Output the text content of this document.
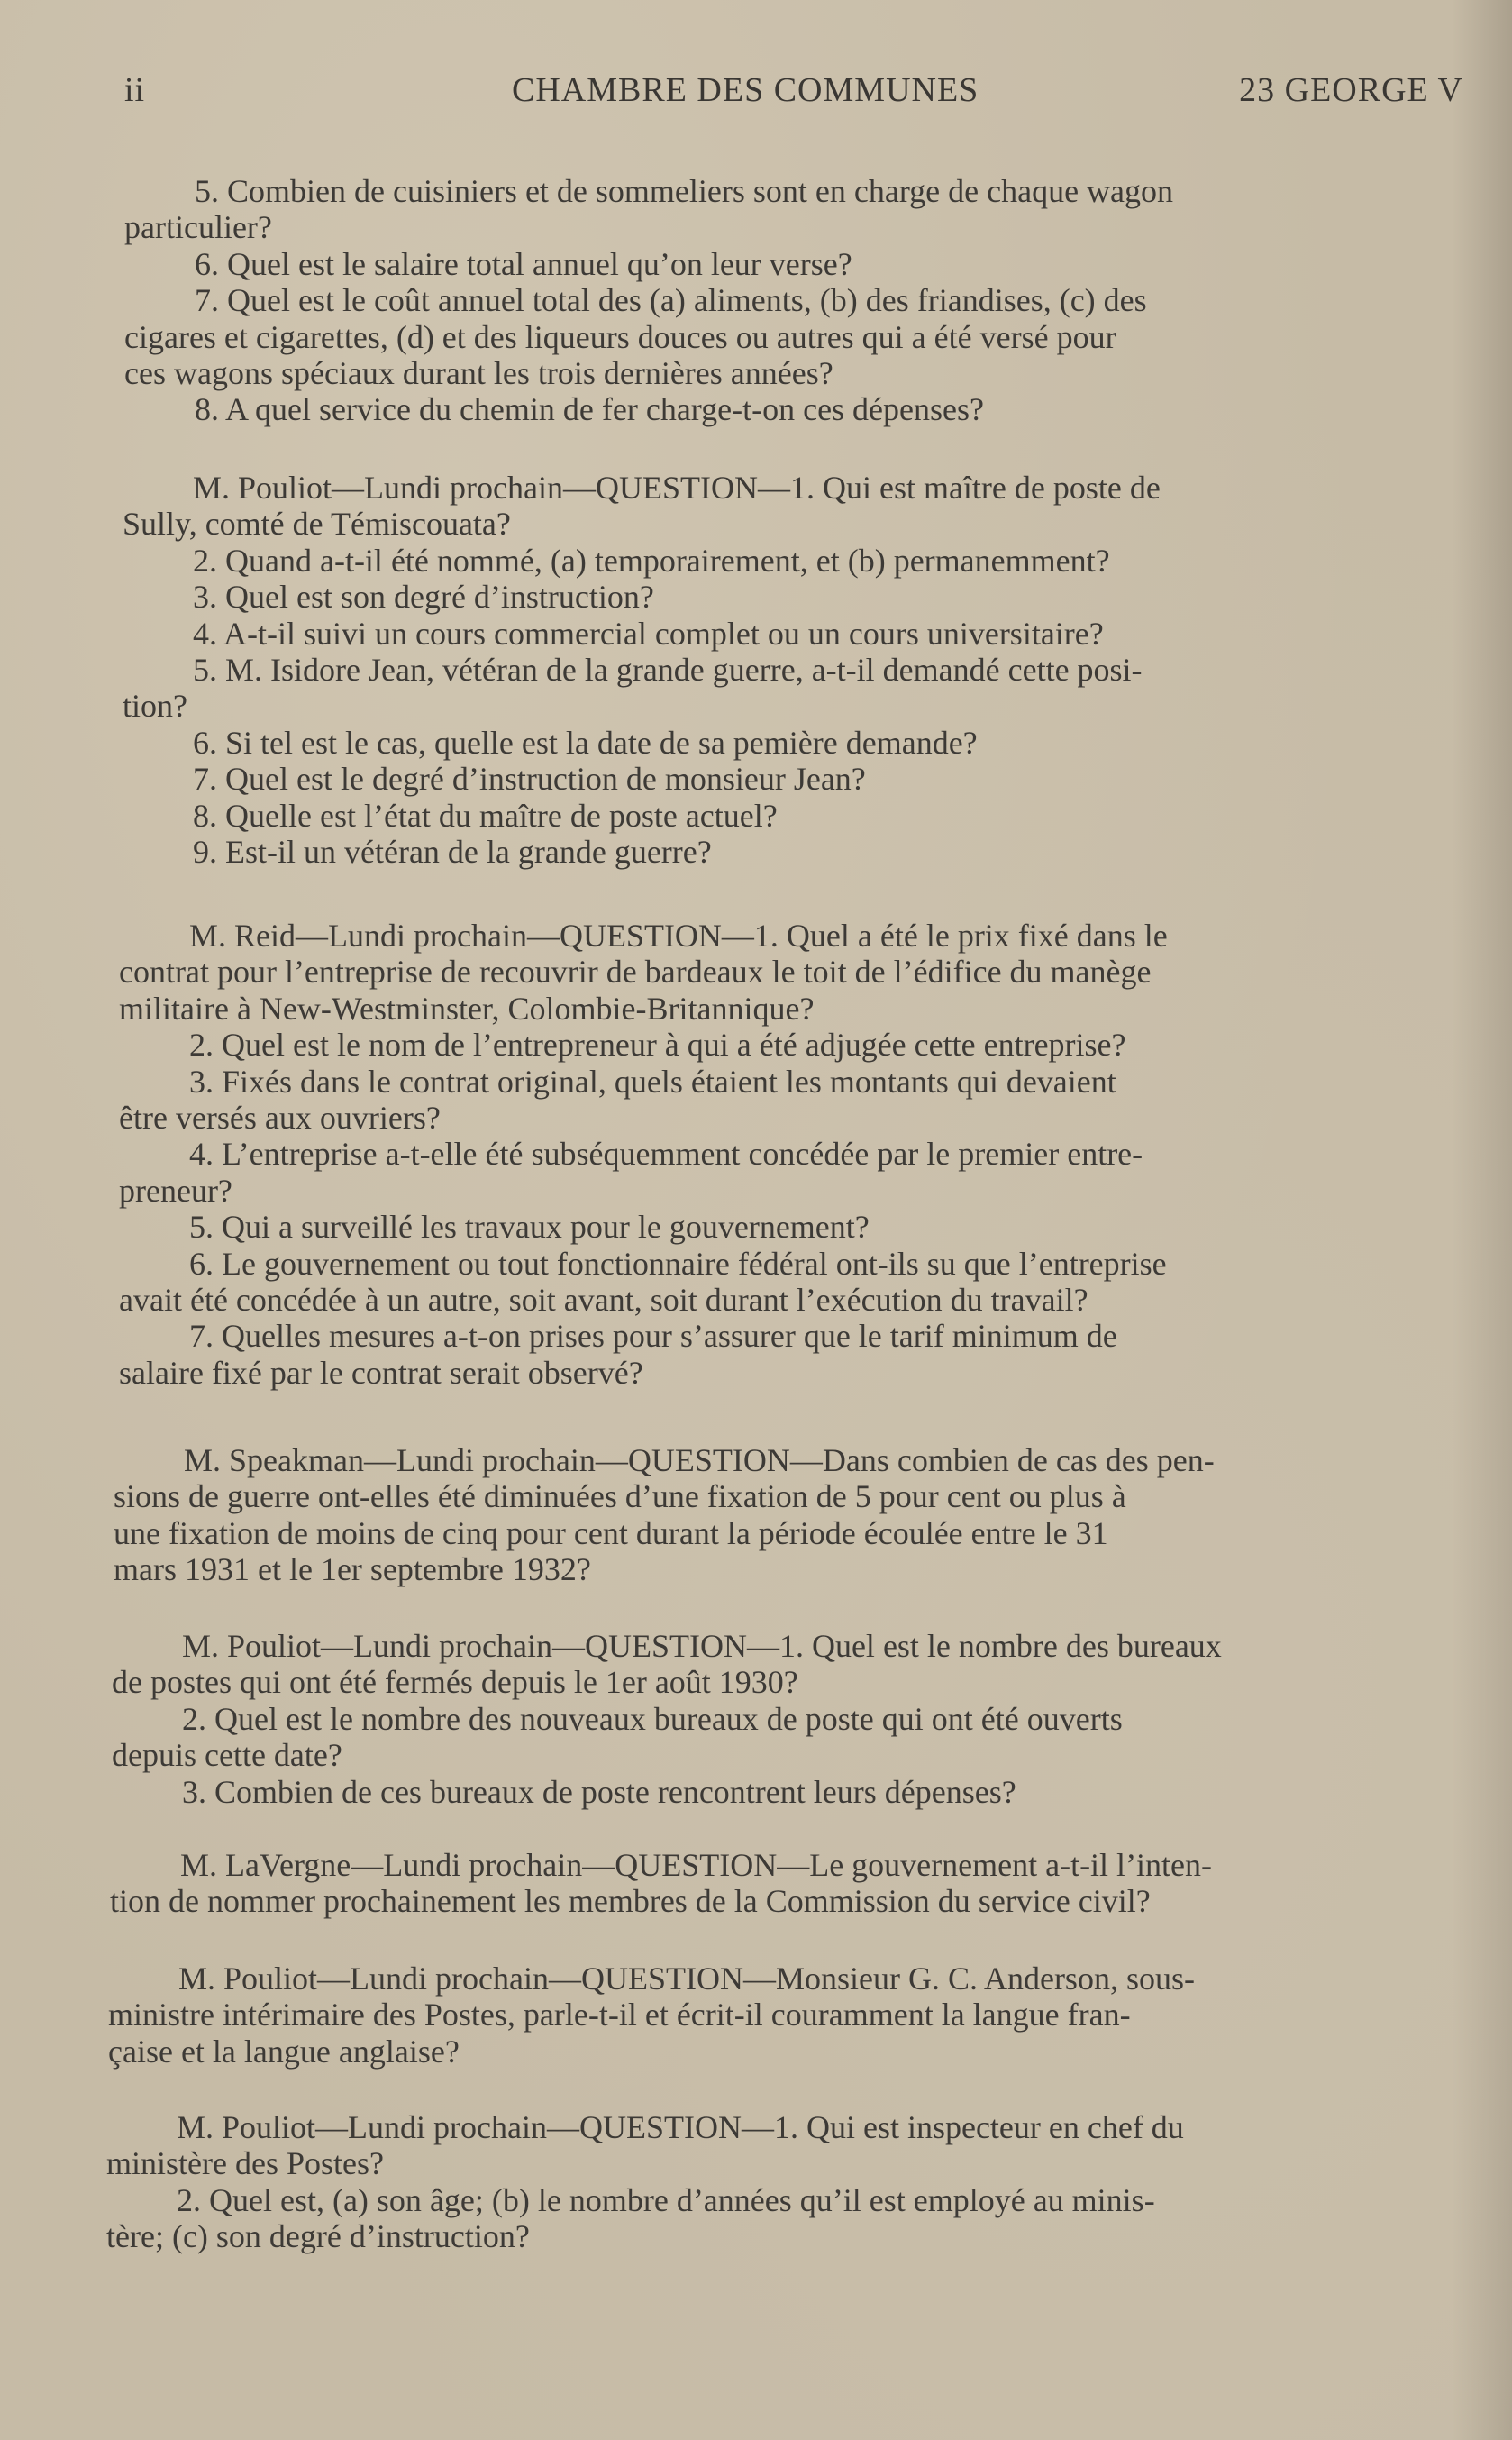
ii	CHAMBRE DES COMMUNES	23 GEORGE V
5. Combien de cuisiniers et de sommeliers sont en charge de chaque wagon
particulier?
6. Quel est le salaire total annuel qu’on leur verse?
7. Quel est le coût annuel total des (a) aliments, (b) des friandises, (c) des
cigares et cigarettes, (d) et des liqueurs douces ou autres qui a été versé pour
ces wagons spéciaux durant les trois dernières années?
8. A quel service du chemin de fer charge-t-on ces dépenses?
M. Pouliot—Lundi prochain—QUESTION—1. Qui est maître de poste de
Sully, comté de Témiscouata?
2. Quand a-t-il été nommé, (a) temporairement, et (b) permanemment?
3. Quel est son degré d’instruction?
4. A-t-il suivi un cours commercial complet ou un cours universitaire?
5. M. Isidore Jean, vétéran de la grande guerre, a-t-il demandé cette posi-
tion?
6. Si tel est le cas, quelle est la date de sa pemière demande?
7. Quel est le degré d’instruction de monsieur Jean?
8. Quelle est l’état du maître de poste actuel?
9. Est-il un vétéran de la grande guerre?
M. Reid—Lundi prochain—QUESTION—1. Quel a été le prix fixé dans le
contrat pour l’entreprise de recouvrir de bardeaux le toit de l’édifice du manège
militaire à New-Westminster, Colombie-Britannique?
2. Quel est le nom de l’entrepreneur à qui a été adjugée cette entreprise?
3. Fixés dans le contrat original, quels étaient les montants qui devaient
être versés aux ouvriers?
4. L’entreprise a-t-elle été subséquemment concédée par le premier entre-
preneur?
5. Qui a surveillé les travaux pour le gouvernement?
6. Le gouvernement ou tout fonctionnaire fédéral ont-ils su que l’entreprise
avait été concédée à un autre, soit avant, soit durant l’exécution du travail?
7. Quelles mesures a-t-on prises pour s’assurer que le tarif minimum de
salaire fixé par le contrat serait observé?
M. Speakman—Lundi prochain—QUESTION—Dans combien de cas des pen-
sions de guerre ont-elles été diminuées d’une fixation de 5 pour cent ou plus à
une fixation de moins de cinq pour cent durant la période écoulée entre le 31
mars 1931 et le 1er septembre 1932?
M. Pouliot—Lundi prochain—QUESTION—1. Quel est le nombre des bureaux
de postes qui ont été fermés depuis le 1er août 1930?
2. Quel est le nombre des nouveaux bureaux de poste qui ont été ouverts
depuis cette date?
3. Combien de ces bureaux de poste rencontrent leurs dépenses?
M. LaVergne—Lundi prochain—QUESTION—Le gouvernement a-t-il l’inten-
tion de nommer prochainement les membres de la Commission du service civil?
M. Pouliot—Lundi prochain—QUESTION—Monsieur G. C. Anderson, sous-
ministre intérimaire des Postes, parle-t-il et écrit-il couramment la langue fran-
çaise et la langue anglaise?
M. Pouliot—Lundi prochain—QUESTION—1. Qui est inspecteur en chef du
ministère des Postes?
2. Quel est, (a) son âge; (b) le nombre d’années qu’il est employé au minis-
tère; (c) son degré d’instruction?
